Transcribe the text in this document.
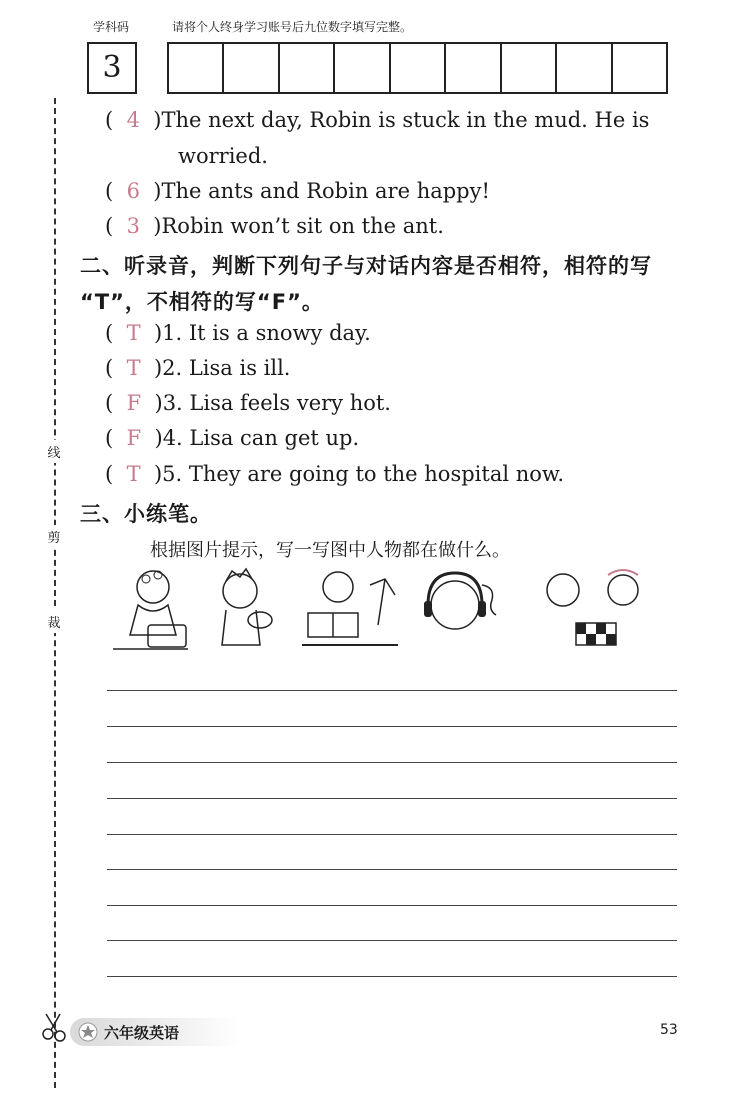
学科码	请将个人终身学习账号后九位数字填写完整。
3
线
剪
裁
( 4 )The next day, Robin is stuck in the mud. He is
worried.
( 6 )The ants and Robin are happy!
( 3 )Robin won’t sit on the ant.
二、听录音，判断下列句子与对话内容是否相符，相符的写
“T”，不相符的写“F”。
( T )1. It is a snowy day.
( T )2. Lisa is ill.
( F )3. Lisa feels very hot.
( F )4. Lisa can get up.
( T )5. They are going to the hospital now.
三、小练笔。
根据图片提示，写一写图中人物都在做什么。
六年级英语	53
